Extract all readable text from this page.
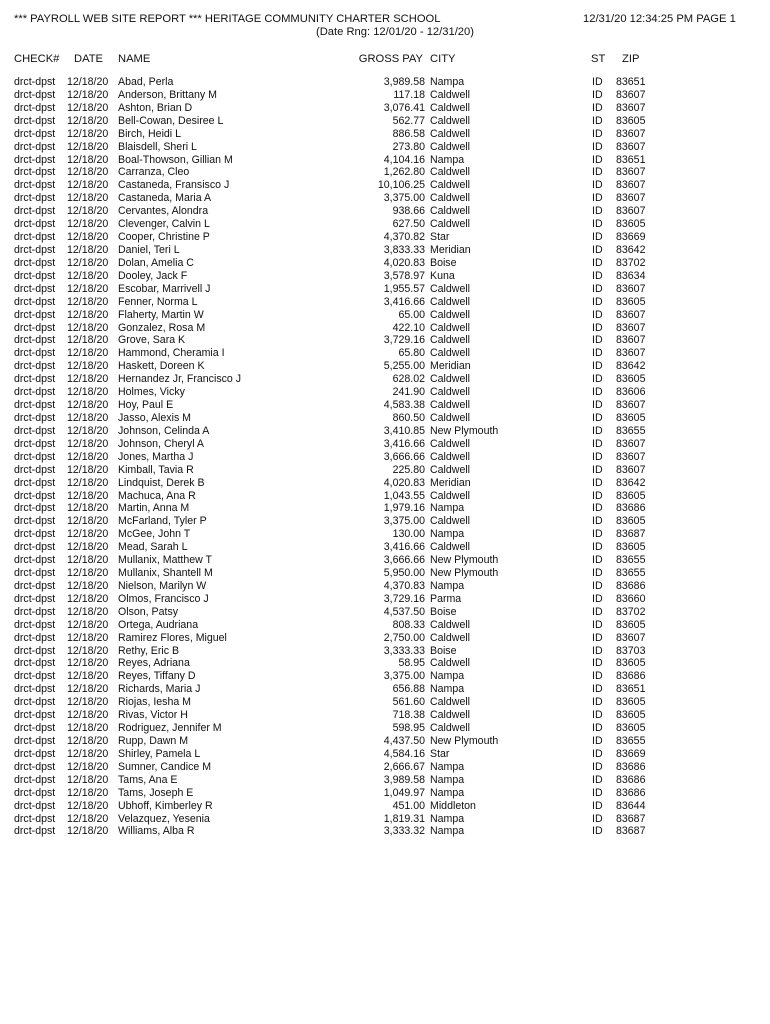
*** PAYROLL WEB SITE REPORT *** HERITAGE COMMUNITY CHARTER SCHOOL
(Date Rng: 12/01/20 - 12/31/20)
12/31/20 12:34:25 PM PAGE 1
CHECK# DATE NAME	GROSS PAY CITY	ST ZIP
drct-dpst 12/18/20 Abad, Perla	3,989.58 Nampa	ID 83651
drct-dpst 12/18/20 Anderson, Brittany M	117.18 Caldwell	ID 83607
drct-dpst 12/18/20 Ashton, Brian D	3,076.41 Caldwell	ID 83607
drct-dpst 12/18/20 Bell-Cowan, Desiree L	562.77 Caldwell	ID 83605
drct-dpst 12/18/20 Birch, Heidi L	886.58 Caldwell	ID 83607
drct-dpst 12/18/20 Blaisdell, Sheri L	273.80 Caldwell	ID 83607
drct-dpst 12/18/20 Boal-Thowson, Gillian M	4,104.16 Nampa	ID 83651
drct-dpst 12/18/20 Carranza, Cleo	1,262.80 Caldwell	ID 83607
drct-dpst 12/18/20 Castaneda, Fransisco J	10,106.25 Caldwell	ID 83607
drct-dpst 12/18/20 Castaneda, Maria A	3,375.00 Caldwell	ID 83607
drct-dpst 12/18/20 Cervantes, Alondra	938.66 Caldwell	ID 83607
drct-dpst 12/18/20 Clevenger, Calvin L	627.50 Caldwell	ID 83605
drct-dpst 12/18/20 Cooper, Christine P	4,370.82 Star	ID 83669
drct-dpst 12/18/20 Daniel, Teri L	3,833.33 Meridian	ID 83642
drct-dpst 12/18/20 Dolan, Amelia C	4,020.83 Boise	ID 83702
drct-dpst 12/18/20 Dooley, Jack F	3,578.97 Kuna	ID 83634
drct-dpst 12/18/20 Escobar, Marrivell J	1,955.57 Caldwell	ID 83607
drct-dpst 12/18/20 Fenner, Norma L	3,416.66 Caldwell	ID 83605
drct-dpst 12/18/20 Flaherty, Martin W	65.00 Caldwell	ID 83607
drct-dpst 12/18/20 Gonzalez, Rosa M	422.10 Caldwell	ID 83607
drct-dpst 12/18/20 Grove, Sara K	3,729.16 Caldwell	ID 83607
drct-dpst 12/18/20 Hammond, Cheramia I	65.80 Caldwell	ID 83607
drct-dpst 12/18/20 Haskett, Doreen K	5,255.00 Meridian	ID 83642
drct-dpst 12/18/20 Hernandez Jr, Francisco J	628.02 Caldwell	ID 83605
drct-dpst 12/18/20 Holmes, Vicky	241.90 Caldwell	ID 83606
drct-dpst 12/18/20 Hoy, Paul E	4,583.38 Caldwell	ID 83607
drct-dpst 12/18/20 Jasso, Alexis M	860.50 Caldwell	ID 83605
drct-dpst 12/18/20 Johnson, Celinda A	3,410.85 New Plymouth	ID 83655
drct-dpst 12/18/20 Johnson, Cheryl A	3,416.66 Caldwell	ID 83607
drct-dpst 12/18/20 Jones, Martha J	3,666.66 Caldwell	ID 83607
drct-dpst 12/18/20 Kimball, Tavia R	225.80 Caldwell	ID 83607
drct-dpst 12/18/20 Lindquist, Derek B	4,020.83 Meridian	ID 83642
drct-dpst 12/18/20 Machuca, Ana R	1,043.55 Caldwell	ID 83605
drct-dpst 12/18/20 Martin, Anna M	1,979.16 Nampa	ID 83686
drct-dpst 12/18/20 McFarland, Tyler P	3,375.00 Caldwell	ID 83605
drct-dpst 12/18/20 McGee, John T	130.00 Nampa	ID 83687
drct-dpst 12/18/20 Mead, Sarah L	3,416.66 Caldwell	ID 83605
drct-dpst 12/18/20 Mullanix, Matthew T	3,666.66 New Plymouth	ID 83655
drct-dpst 12/18/20 Mullanix, Shantell M	5,950.00 New Plymouth	ID 83655
drct-dpst 12/18/20 Nielson, Marilyn W	4,370.83 Nampa	ID 83686
drct-dpst 12/18/20 Olmos, Francisco J	3,729.16 Parma	ID 83660
drct-dpst 12/18/20 Olson, Patsy	4,537.50 Boise	ID 83702
drct-dpst 12/18/20 Ortega, Audriana	808.33 Caldwell	ID 83605
drct-dpst 12/18/20 Ramirez Flores, Miguel	2,750.00 Caldwell	ID 83607
drct-dpst 12/18/20 Rethy, Eric B	3,333.33 Boise	ID 83703
drct-dpst 12/18/20 Reyes, Adriana	58.95 Caldwell	ID 83605
drct-dpst 12/18/20 Reyes, Tiffany D	3,375.00 Nampa	ID 83686
drct-dpst 12/18/20 Richards, Maria J	656.88 Nampa	ID 83651
drct-dpst 12/18/20 Riojas, Iesha M	561.60 Caldwell	ID 83605
drct-dpst 12/18/20 Rivas, Victor H	718.38 Caldwell	ID 83605
drct-dpst 12/18/20 Rodriguez, Jennifer M	598.95 Caldwell	ID 83605
drct-dpst 12/18/20 Rupp, Dawn M	4,437.50 New Plymouth	ID 83655
drct-dpst 12/18/20 Shirley, Pamela L	4,584.16 Star	ID 83669
drct-dpst 12/18/20 Sumner, Candice M	2,666.67 Nampa	ID 83686
drct-dpst 12/18/20 Tams, Ana E	3,989.58 Nampa	ID 83686
drct-dpst 12/18/20 Tams, Joseph E	1,049.97 Nampa	ID 83686
drct-dpst 12/18/20 Ubhoff, Kimberley R	451.00 Middleton	ID 83644
drct-dpst 12/18/20 Velazquez, Yesenia	1,819.31 Nampa	ID 83687
drct-dpst 12/18/20 Williams, Alba R	3,333.32 Nampa	ID 83687
